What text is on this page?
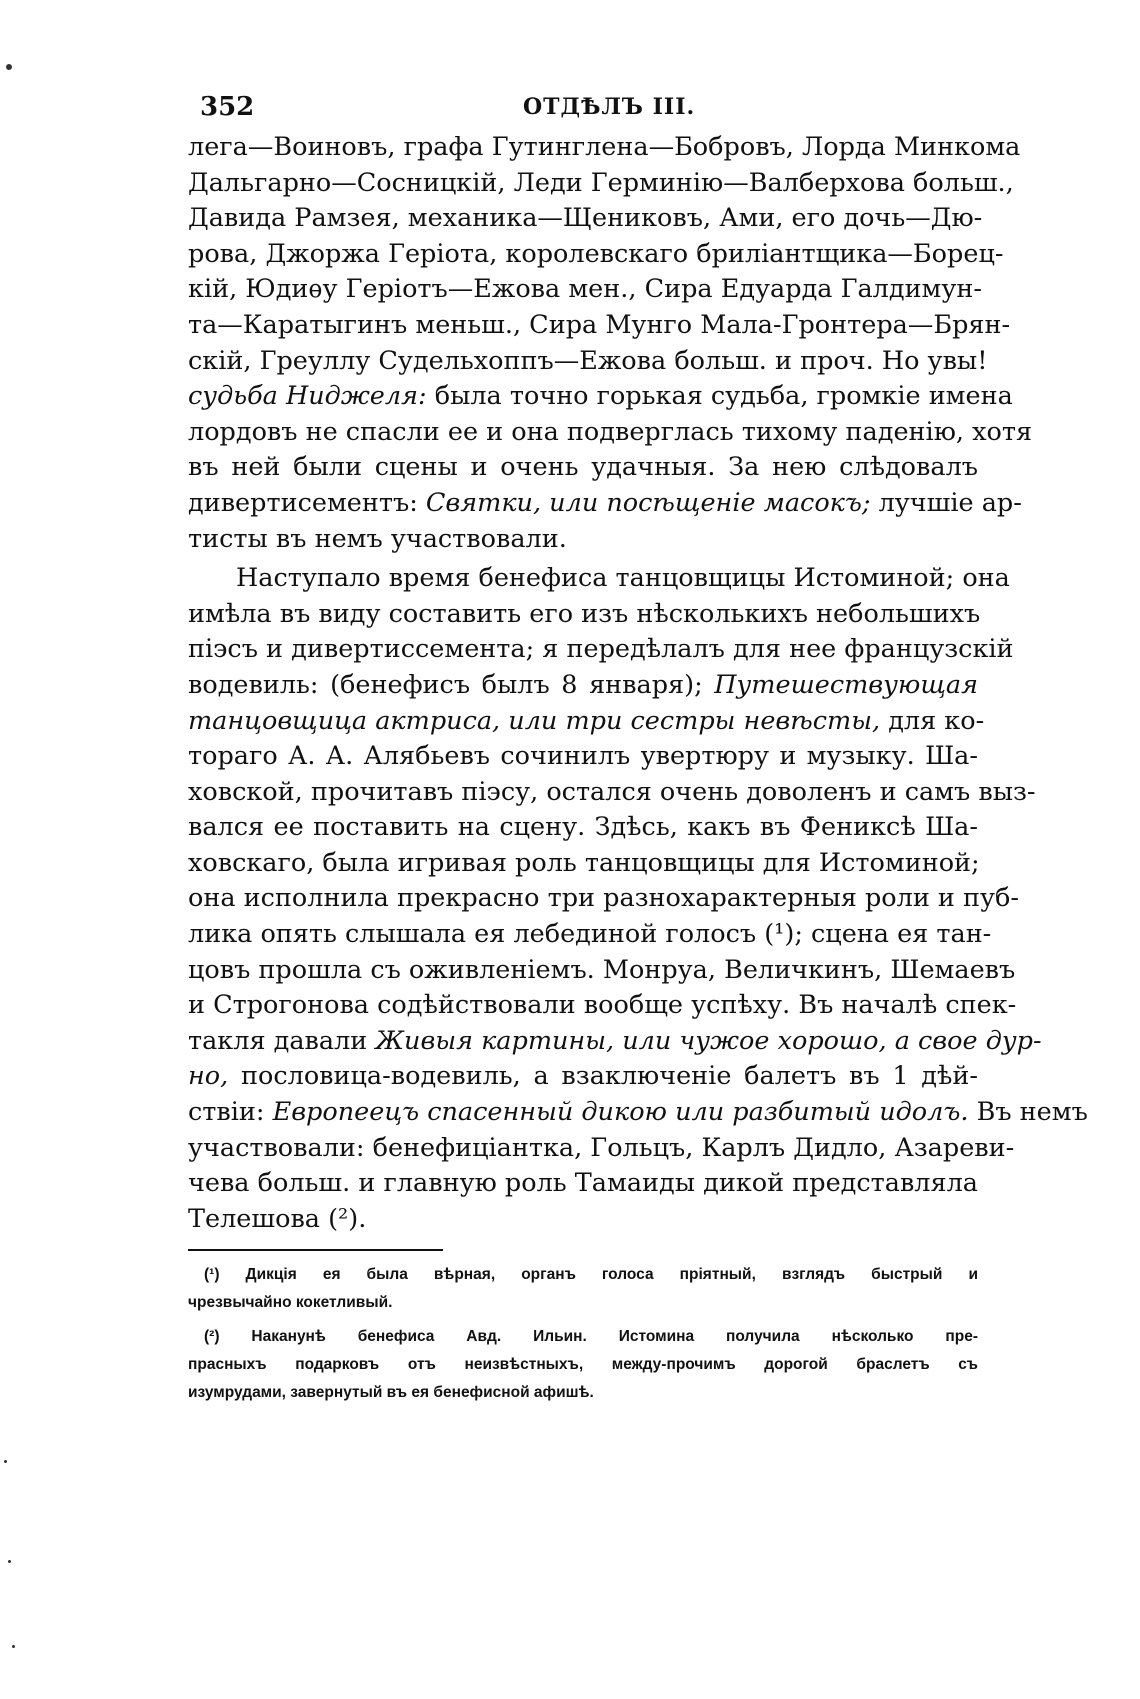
352	ОТДѢЛЪ III.
лега—Воиновъ, графа Гутинглена—Бобровъ, Лорда Минкома
Дальгарно—Сосницкій, Леди Герминію—Валберхова больш.,
Давида Рамзея, механика—Щениковъ, Ами, его дочь—Дю-
рова, Джоржа Геріота, королевскаго бриліантщика—Борец-
кій, Юдиѳу Геріотъ—Ежова мен., Сира Едуарда Галдимун-
та—Каратыгинъ меньш., Сира Мунго Мала-Гронтера—Брян-
скій, Греуллу Судельхоппъ—Ежова больш. и проч. Но увы!
судьба Ниджеля: была точно горькая судьба, громкіе имена
лордовъ не спасли ее и она подверглась тихому паденію, хотя
въ ней были сцены и очень удачныя. За нею слѣдовалъ
дивертисементъ: Святки, или посѣщеніе масокъ; лучшіе ар-
тисты въ немъ участвовали.
Наступало время бенефиса танцовщицы Истоминой; она
имѣла въ виду составить его изъ нѣсколькихъ небольшихъ
піэсъ и дивертиссемента; я передѣлалъ для нее французскій
водевиль: (бенефисъ былъ 8 января); Путешествующая
танцовщица актриса, или три сестры невѣсты, для ко-
тораго А. А. Алябьевъ сочинилъ увертюру и музыку. Ша-
ховской, прочитавъ піэсу, остался очень доволенъ и самъ выз-
вался ее поставить на сцену. Здѣсь, какъ въ Фениксѣ Ша-
ховскаго, была игривая роль танцовщицы для Истоминой;
она исполнила прекрасно три разнохарактерныя роли и пуб-
лика опять слышала ея лебединой голосъ (¹); сцена ея тан-
цовъ прошла съ оживленіемъ. Монруа, Величкинъ, Шемаевъ
и Строгонова содѣйствовали вообще успѣху. Въ началѣ спек-
такля давали Живыя картины, или чужое хорошо, а свое дур-
но, пословица-водевиль, а взаключеніе балетъ въ 1 дѣй-
ствіи: Европеецъ спасенный дикою или разбитый идолъ. Въ немъ
участвовали: бенефиціантка, Гольцъ, Карлъ Дидло, Азареви-
чева больш. и главную роль Тамаиды дикой представляла
Телешова (²).
(¹) Дикція ея была вѣрная, органъ голоса пріятный, взглядъ быстрый и
чрезвычайно кокетливый.
(²) Наканунѣ бенефиса Авд. Ильин. Истомина получила нѣсколько пре-
прасныхъ подарковъ отъ неизвѣстныхъ, между-прочимъ дорогой браслетъ съ
изумрудами, завернутый въ ея бенефисной афишѣ.
